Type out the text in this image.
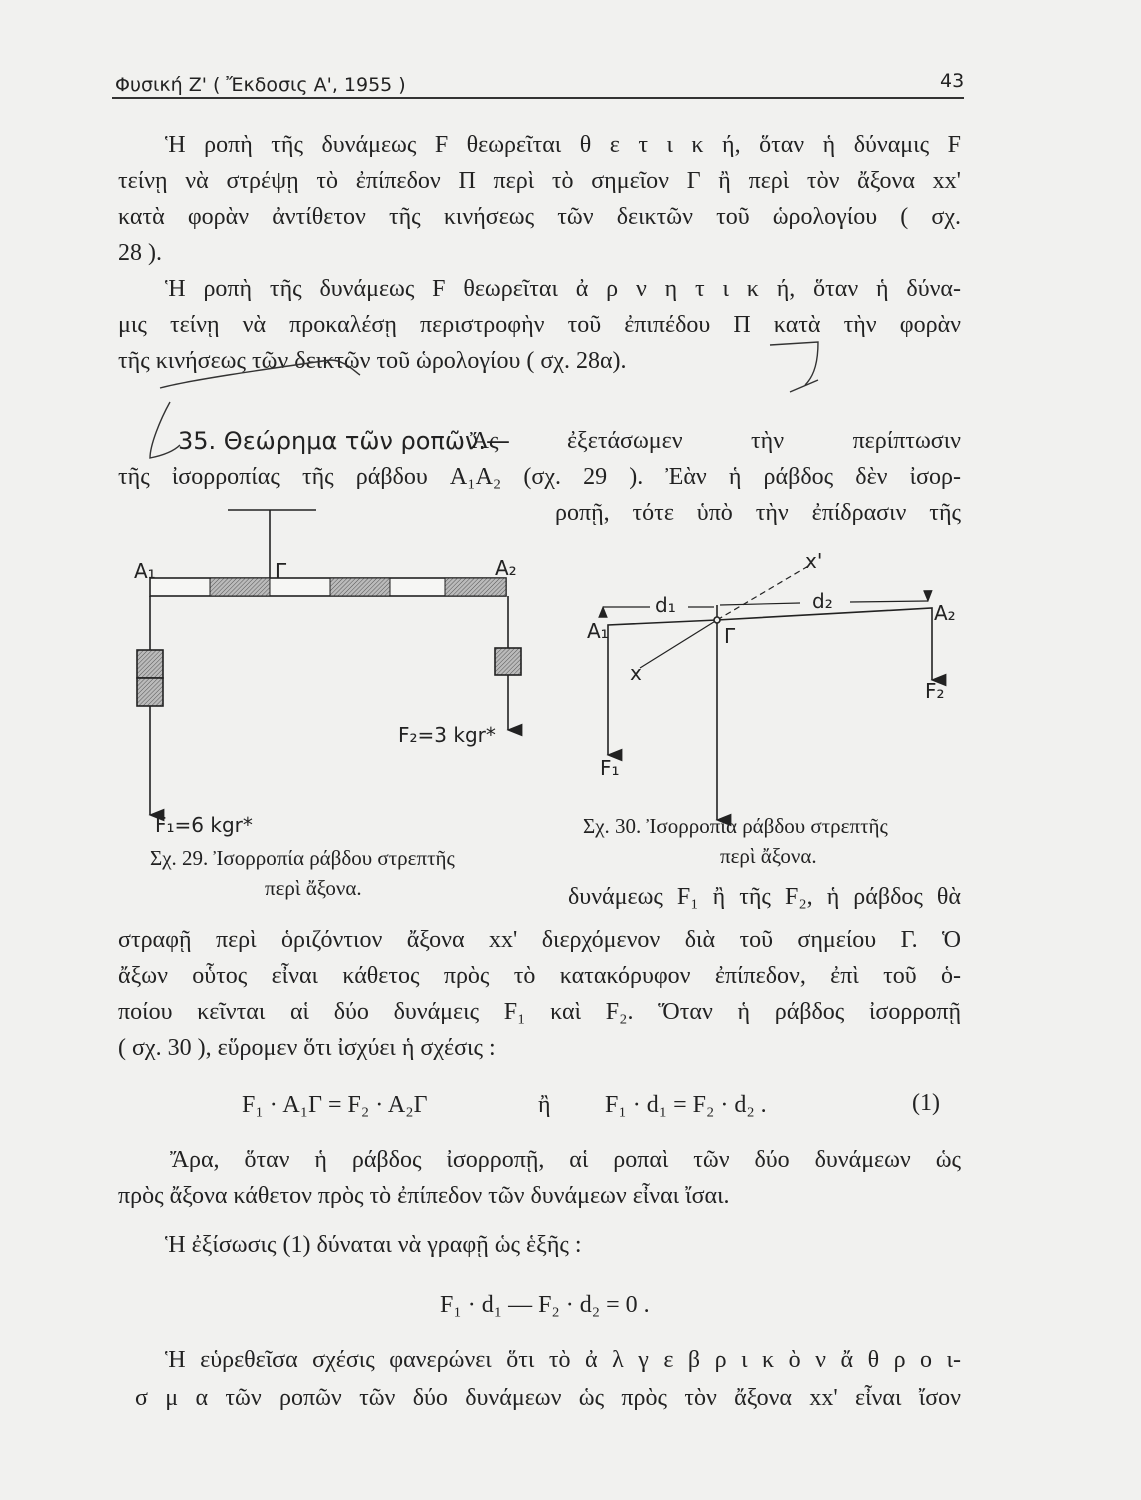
Φυσική Ζ' ( Ἔκδοσις Α', 1955 )	43
Ἡ ροπὴ τῆς δυνάμεως F θεωρεῖται θ ε τ ι κ ή, ὅταν ἡ δύναμις F
τείνῃ νὰ στρέψῃ τὸ ἐπίπεδον Π περὶ τὸ σημεῖον Γ ἢ περὶ τὸν ἄξονα xx'
κατὰ φορὰν ἀντίθετον τῆς κινήσεως τῶν δεικτῶν τοῦ ὡρολογίου ( σχ.
28 ).
Ἡ ροπὴ τῆς δυνάμεως F θεωρεῖται ἀ ρ ν η τ ι κ ή, ὅταν ἡ δύνα-
μις τείνῃ νὰ προκαλέσῃ περιστροφὴν τοῦ ἐπιπέδου Π κατὰ τὴν φορὰν
τῆς κινήσεως τῶν δεικτῶν τοῦ ὡρολογίου ( σχ. 28α).
35. Θεώρημα τῶν ροπῶν.—
Ἄς ἐξετάσωμεν τὴν περίπτωσιν
τῆς ἰσορροπίας τῆς ράβδου A₁A₂ (σχ. 29 ). Ἐὰν ἡ ράβδος δὲν ἰσορ-
ροπῇ, τότε ὑπὸ τὴν ἐπίδρασιν τῆς
A₁	Γ	A₂
F₂=3 kgr*
F₁=6 kgr*
A₁	Γ
A₂
d₁	d₂
x
x'
F₁
F₂
Σχ. 29. Ἰσορροπία ράβδου στρεπτῆς
περὶ ἄξονα.
Σχ. 30. Ἰσορροπία ράβδου στρεπτῆς
περὶ ἄξονα.
δυνάμεως F₁ ἢ τῆς F₂, ἡ ράβδος θὰ
στραφῇ περὶ ὁριζόντιον ἄξονα xx' διερχόμενον διὰ τοῦ σημείου Γ. Ὁ
ἄξων οὗτος εἶναι κάθετος πρὸς τὸ κατακόρυφον ἐπίπεδον, ἐπὶ τοῦ ὁ-
ποίου κεῖνται αἱ δύο δυνάμεις F₁ καὶ F₂. Ὅταν ἡ ράβδος ἰσορροπῇ
( σχ. 30 ), εὕρομεν ὅτι ἰσχύει ἡ σχέσις :
F₁ · A₁Γ = F₂ · A₂Γ	ἢ F₁ · d₁ = F₂ · d₂ .	(1)
Ἄρα, ὅταν ἡ ράβδος ἰσορροπῇ, αἱ ροπαὶ τῶν δύο δυνάμεων ὡς
πρὸς ἄξονα κάθετον πρὸς τὸ ἐπίπεδον τῶν δυνάμεων εἶναι ἴσαι.
Ἡ ἐξίσωσις (1) δύναται νὰ γραφῇ ὡς ἑξῆς :
F₁ · d₁ — F₂ · d₂ = 0 .
Ἡ εὑρεθεῖσα σχέσις φανερώνει ὅτι τὸ ἀ λ γ ε β ρ ι κ ὸ ν ἄ θ ρ ο ι-
σ μ α τῶν ροπῶν τῶν δύο δυνάμεων ὡς πρὸς τὸν ἄξονα xx' εἶναι ἴσον
